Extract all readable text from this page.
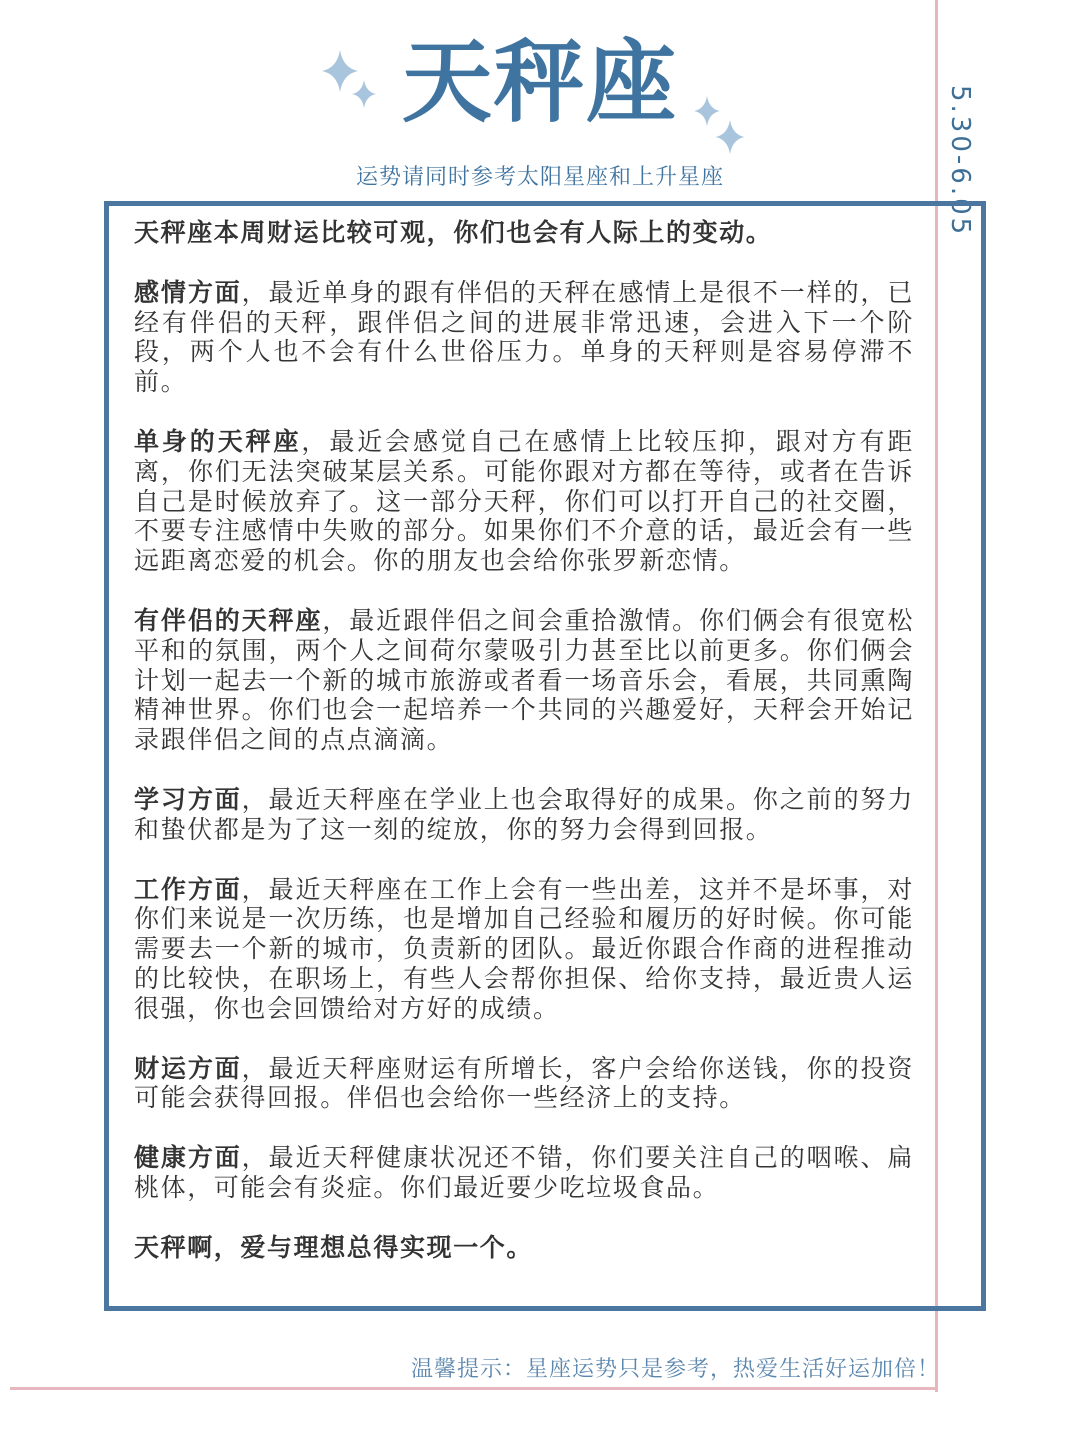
5.30-6.05
天秤座
运势请同时参考太阳星座和上升星座

天秤座本周财运比较可观，你们也会有人际上的变动。

感情方面，最近单身的跟有伴侣的天秤在感情上是很不一样的，已经有伴侣的天秤，跟伴侣之间的进展非常迅速，会进入下一个阶段，两个人也不会有什么世俗压力。单身的天秤则是容易停滞不前。

单身的天秤座，最近会感觉自己在感情上比较压抑，跟对方有距离，你们无法突破某层关系。可能你跟对方都在等待，或者在告诉自己是时候放弃了。这一部分天秤，你们可以打开自己的社交圈，不要专注感情中失败的部分。如果你们不介意的话，最近会有一些远距离恋爱的机会。你的朋友也会给你张罗新恋情。

有伴侣的天秤座，最近跟伴侣之间会重拾激情。你们俩会有很宽松平和的氛围，两个人之间荷尔蒙吸引力甚至比以前更多。你们俩会计划一起去一个新的城市旅游或者看一场音乐会，看展，共同熏陶精神世界。你们也会一起培养一个共同的兴趣爱好，天秤会开始记录跟伴侣之间的点点滴滴。

学习方面，最近天秤座在学业上也会取得好的成果。你之前的努力和蛰伏都是为了这一刻的绽放，你的努力会得到回报。

工作方面，最近天秤座在工作上会有一些出差，这并不是坏事，对你们来说是一次历练，也是增加自己经验和履历的好时候。你可能需要去一个新的城市，负责新的团队。最近你跟合作商的进程推动的比较快，在职场上，有些人会帮你担保、给你支持，最近贵人运很强，你也会回馈给对方好的成绩。

财运方面，最近天秤座财运有所增长，客户会给你送钱，你的投资可能会获得回报。伴侣也会给你一些经济上的支持。

健康方面，最近天秤健康状况还不错，你们要关注自己的咽喉、扁桃体，可能会有炎症。你们最近要少吃垃圾食品。

天秤啊，爱与理想总得实现一个。

温馨提示：星座运势只是参考，热爱生活好运加倍！
